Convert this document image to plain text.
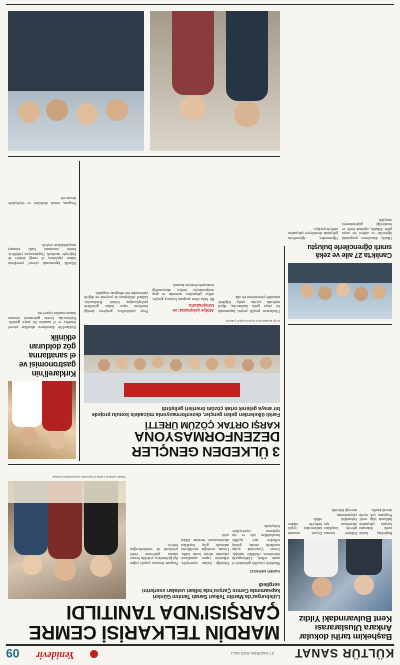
KÜLTÜR SANAT
27 HAZİRAN 2023 SALI
Yenidevir
09
Başhekim tarihi dokular
Ankara Uluslararası
Kent Bulvarındaki Yıldız
Başhekim, kentin tarihi dokusunu koruma çalışmaları hakkında bilgi verdi. Programa çok sayıda davetli katıldı.
Kültürel mirasın gelecek kuşaklara aktarılması için farkındalık çalışmalarının süreceği belirtildi.
Ziyaret sonunda katılımcılara çeşitli hediyeler takdim edildi.
Canlık'ta 27 aile ve zekâ
sınırlı öğrencilerle buluştu
Okulda düzenlenen programda öğrenciler ve aileleri bir araya geldi. Etkinlik, eğitimde birlik ve beraberliği güçlendirmeyi amaçladı.
Öğretmenler, öğrencilerin gelişimini destekleyen çalışmaları ailelerle paylaştı.
MARDİN TELKARİSİ CEMRE
ÇARŞISI'NDA TANITILDI
Lüleburgaz'da Mardin Telkari Sanatı Tanıtım Günleri kapsamında Cemre Çarşısı'nda telkari ustaları eserlerini sergiledi
Telkari ustaları Cemre Çarşısı'nda ziyaretçilerle buluştu.
HABER MERKEZİ
Mardin'in yüzyıllık geleneksel el sanatı telkari, Lüleburgaz'da düzenlenen etkinlikle tanıtıldı. Cemre Çarşısı'nda açılan stantlarda ustalar, gümüş tellerden ince işçilikle hazırladıkları takı ve süs eşyalarını ziyaretçilerle buluşturdu.
Etkinliğe katılan ziyaretçiler, telkarinin yapım aşamalarını yakından izleme fırsatı buldu. Ustalar, mesleğin inceliklerini anlatarak genç kuşaklara aktarılmasının önemine dikkat çekti.
Program boyunca çarşıda yoğun ilgi gözlenirken, yetkililer benzer tanıtım günlerinin farklı şehirlerde de sürdürüleceğini belirtti.
3 ÜLKEDEN GENÇLER
DEZENFORMASYONA
KARŞI ORTAK ÇÖZÜM ÜRETTİ
Farklı ülkelerden gelen gençler, dezenformasyonla mücadele konulu projede bir araya gelerek ortak çözüm önerileri geliştirdi
Proje katılımcıları toplu fotoğraf çektirdi.
Uluslararası gençlik projesi kapsamında bir araya gelen katılımcılar, dijital medyada yayılan yanlış bilgilerle mücadele yöntemlerini ele aldı.
Atölye çalışmaları ve tartışmalarla
Bir hafta süren program boyunca gençler, atölye çalışmaları, sunumlar ve grup tartışmalarıyla medya okuryazarlığı konusunda deneyim kazandı.
Proje yürütücüleri, gençlerin ürettiği önerilerin rapor haline getirilerek paylaşılacağını belirtti. Katılımcılar, kültürel etkileşimin de projenin en değerli yanlarından biri olduğunu vurguladı.
Kırklareli'nin
gastronomisi ve
el sanatlarına
göz dolduran
etkinlik
Kırklareli'de düzenlenen etkinlikte yöresel lezzetler ve el sanatları bir araya getirildi. Katılımcılar, kentin gastronomi mirasını tanıtan stantları ziyaret etti.
Etkinlik kapsamında yöresel yemeklerin tadımı yapılırken, el emeği ürünler de beğeniyle incelendi. Organizasyon yetkilileri, kentin tanıtımına katkı sunmayı amaçladıklarını söyledi.
Program, müzik dinletileri ve söyleşilerle devam etti.
